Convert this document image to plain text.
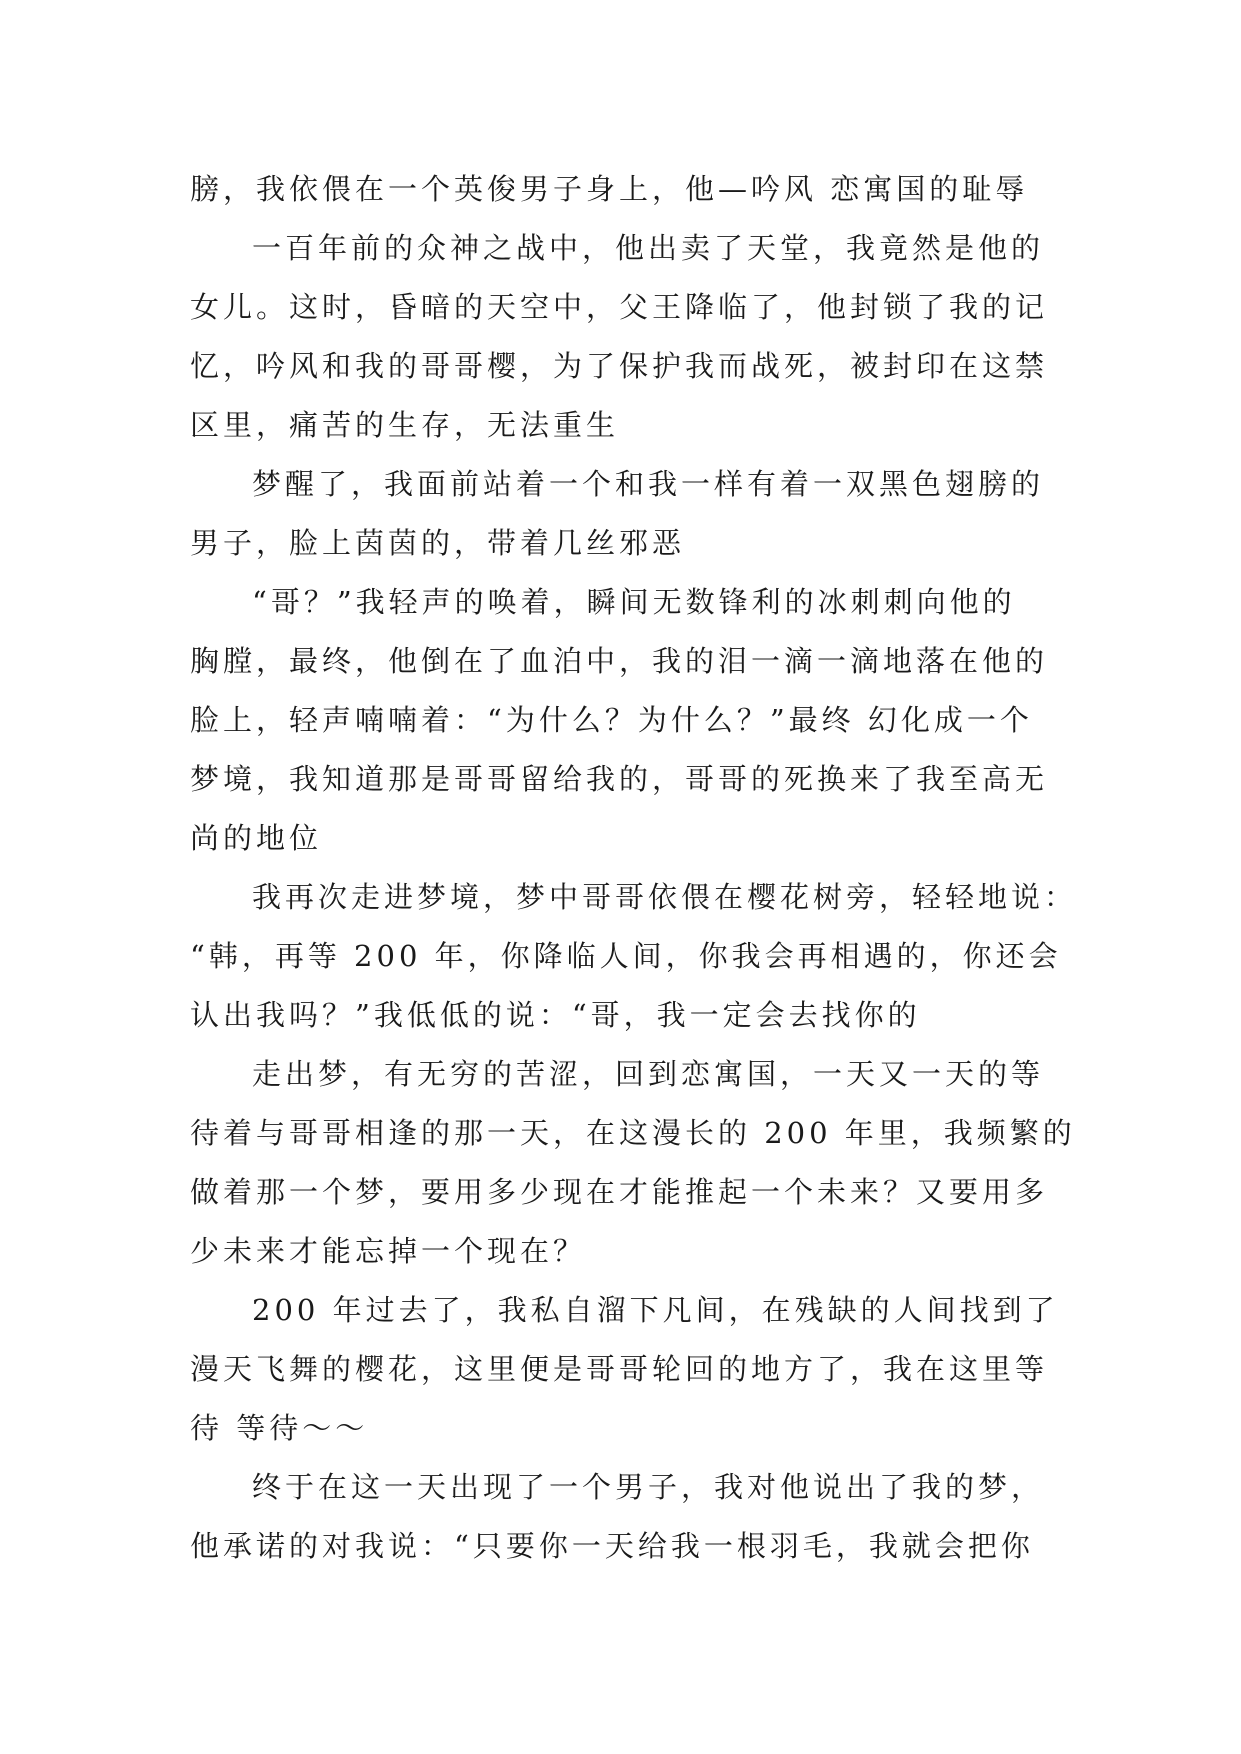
膀，我依偎在一个英俊男子身上，他—吟风 恋寓国的耻辱
一百年前的众神之战中，他出卖了天堂，我竟然是他的
女儿。这时，昏暗的天空中，父王降临了，他封锁了我的记
忆，吟风和我的哥哥樱，为了保护我而战死，被封印在这禁
区里，痛苦的生存，无法重生
梦醒了，我面前站着一个和我一样有着一双黑色翅膀的
男子，脸上茵茵的，带着几丝邪恶
“哥？”我轻声的唤着，瞬间无数锋利的冰刺刺向他的
胸膛，最终，他倒在了血泊中，我的泪一滴一滴地落在他的
脸上，轻声喃喃着：“为什么？为什么？”最终 幻化成一个
梦境，我知道那是哥哥留给我的，哥哥的死换来了我至高无
尚的地位
我再次走进梦境，梦中哥哥依偎在樱花树旁，轻轻地说：
“韩，再等 200 年，你降临人间，你我会再相遇的，你还会
认出我吗？”我低低的说：“哥，我一定会去找你的
走出梦，有无穷的苦涩，回到恋寓国，一天又一天的等
待着与哥哥相逢的那一天，在这漫长的 200 年里，我频繁的
做着那一个梦，要用多少现在才能推起一个未来？又要用多
少未来才能忘掉一个现在？
200 年过去了，我私自溜下凡间，在残缺的人间找到了
漫天飞舞的樱花，这里便是哥哥轮回的地方了，我在这里等
待 等待～～
终于在这一天出现了一个男子，我对他说出了我的梦，
他承诺的对我说：“只要你一天给我一根羽毛，我就会把你
